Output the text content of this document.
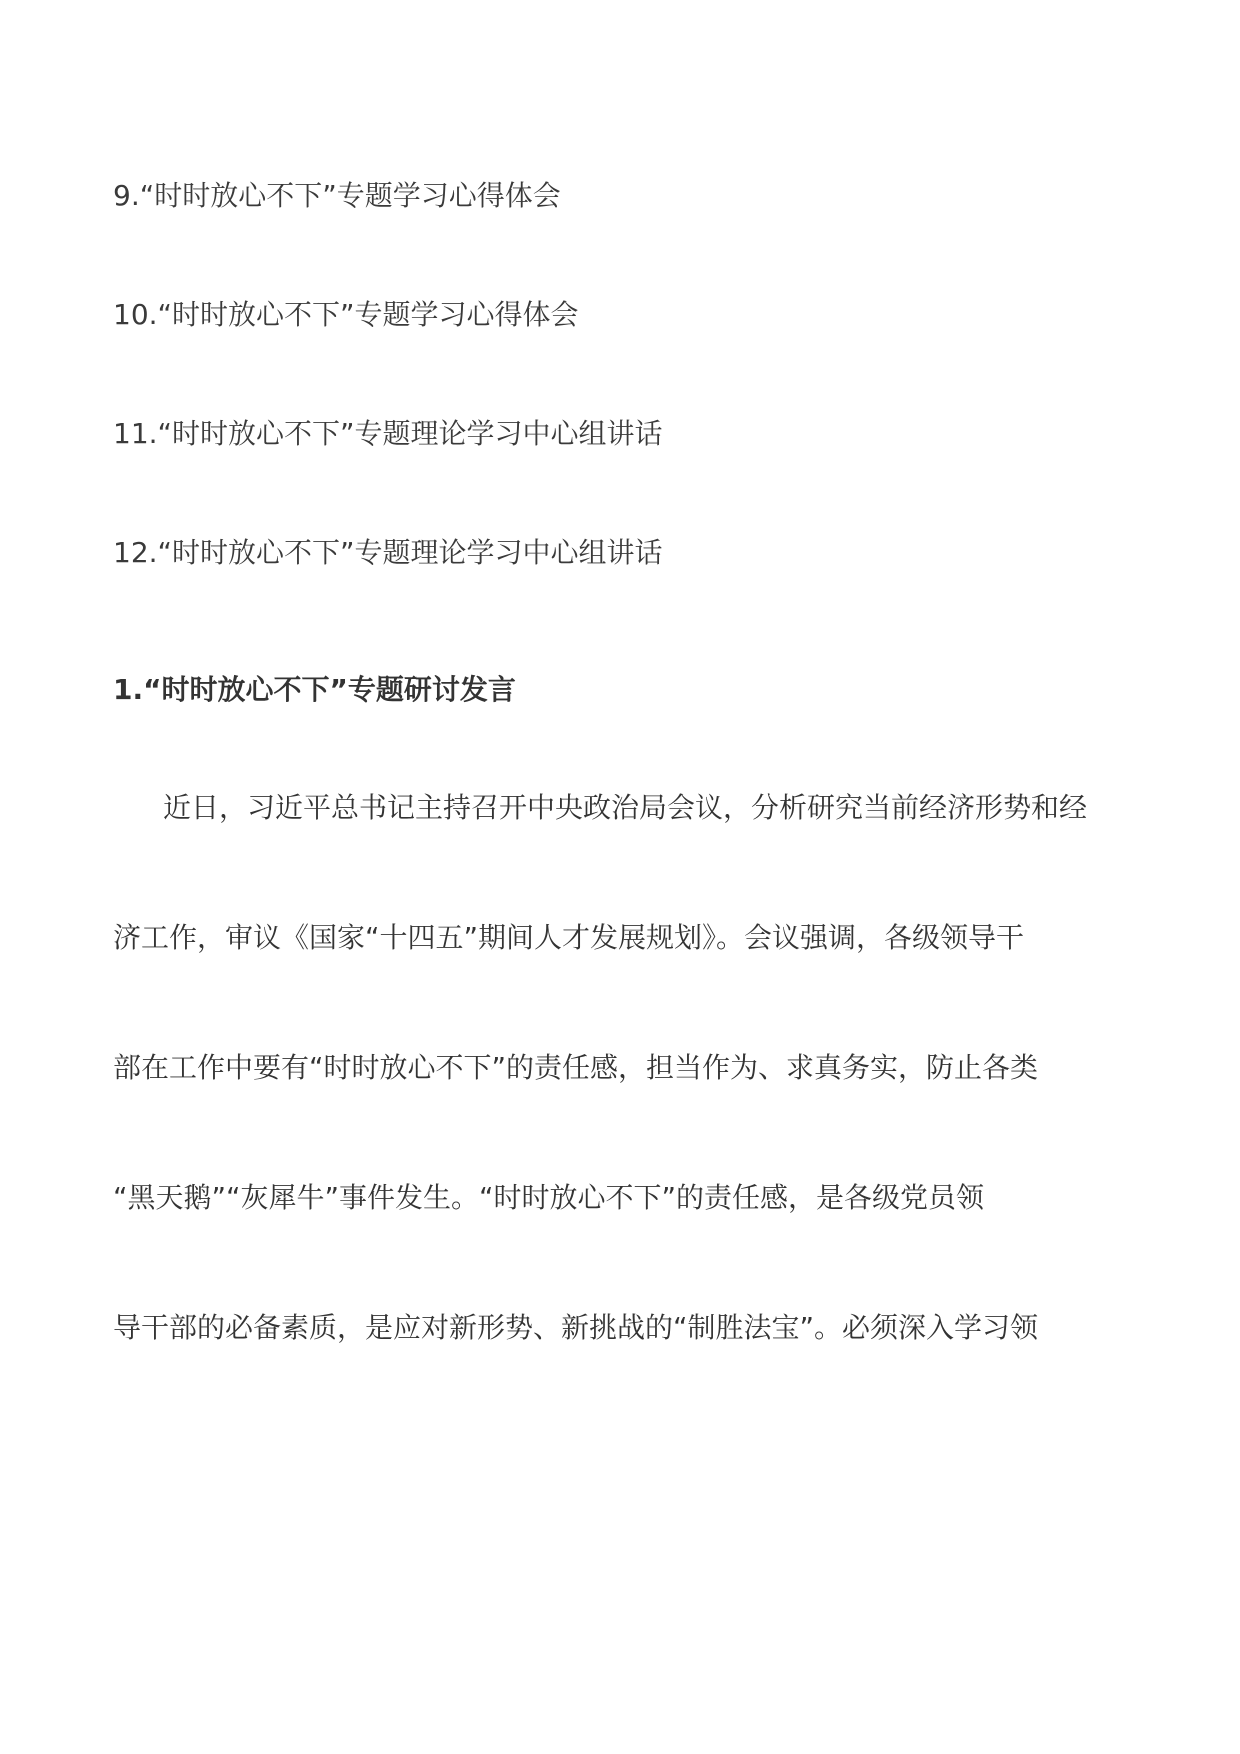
9.“时时放心不下”专题学习心得体会
10.“时时放心不下”专题学习心得体会
11.“时时放心不下”专题理论学习中心组讲话
12.“时时放心不下”专题理论学习中心组讲话
1.“时时放心不下”专题研讨发言
近日，习近平总书记主持召开中央政治局会议，分析研究当前经济形势和经
济工作，审议《国家“十四五”期间人才发展规划》。会议强调，各级领导干
部在工作中要有“时时放心不下”的责任感，担当作为、求真务实，防止各类
“黑天鹅”“灰犀牛”事件发生。“时时放心不下”的责任感，是各级党员领
导干部的必备素质，是应对新形势、新挑战的“制胜法宝”。必须深入学习领
